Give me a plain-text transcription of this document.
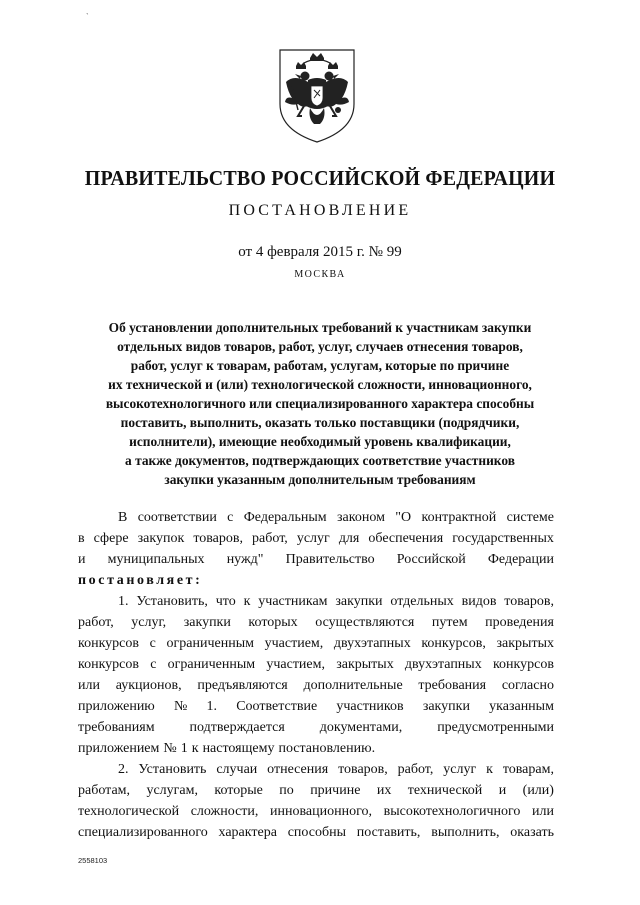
`
ПРАВИТЕЛЬСТВО РОССИЙСКОЙ ФЕДЕРАЦИИ
ПОСТАНОВЛЕНИЕ
от 4 февраля 2015 г. № 99
МОСКВА
Об установлении дополнительных требований к участникам закупки
отдельных видов товаров, работ, услуг, случаев отнесения товаров,
работ, услуг к товарам, работам, услугам, которые по причине
их технической и (или) технологической сложности, инновационного,
высокотехнологичного или специализированного характера способны
поставить, выполнить, оказать только поставщики (подрядчики,
исполнители), имеющие необходимый уровень квалификации,
а также документов, подтверждающих соответствие участников
закупки указанным дополнительным требованиям
В соответствии с Федеральным законом "О контрактной системе
в сфере закупок товаров, работ, услуг для обеспечения государственных
и муниципальных нужд" Правительство Российской Федерации
постановляет:
1. Установить, что к участникам закупки отдельных видов товаров,
работ, услуг, закупки которых осуществляются путем проведения
конкурсов с ограниченным участием, двухэтапных конкурсов, закрытых
конкурсов с ограниченным участием, закрытых двухэтапных конкурсов
или аукционов, предъявляются дополнительные требования согласно
приложению № 1. Соответствие участников закупки указанным
требованиям подтверждается документами, предусмотренными
приложением № 1 к настоящему постановлению.
2. Установить случаи отнесения товаров, работ, услуг к товарам,
работам, услугам, которые по причине их технической и (или)
технологической сложности, инновационного, высокотехнологичного или
специализированного характера способны поставить, выполнить, оказать
2558103
